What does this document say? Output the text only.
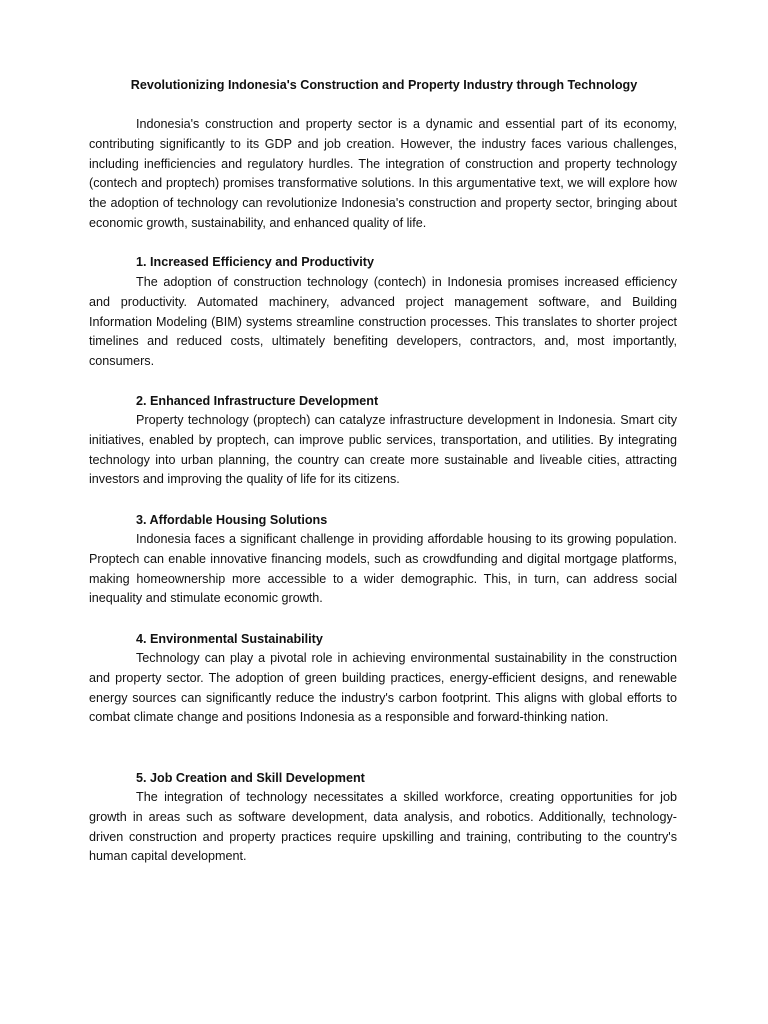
Revolutionizing Indonesia's Construction and Property Industry through Technology

Indonesia's construction and property sector is a dynamic and essential part of its economy, contributing significantly to its GDP and job creation. However, the industry faces various challenges, including inefficiencies and regulatory hurdles. The integration of construction and property technology (contech and proptech) promises transformative solutions. In this argumentative text, we will explore how the adoption of technology can revolutionize Indonesia's construction and property sector, bringing about economic growth, sustainability, and enhanced quality of life.

1. Increased Efficiency and Productivity

The adoption of construction technology (contech) in Indonesia promises increased efficiency and productivity. Automated machinery, advanced project management software, and Building Information Modeling (BIM) systems streamline construction processes. This translates to shorter project timelines and reduced costs, ultimately benefiting developers, contractors, and, most importantly, consumers.

2. Enhanced Infrastructure Development

Property technology (proptech) can catalyze infrastructure development in Indonesia. Smart city initiatives, enabled by proptech, can improve public services, transportation, and utilities. By integrating technology into urban planning, the country can create more sustainable and liveable cities, attracting investors and improving the quality of life for its citizens.

3. Affordable Housing Solutions

Indonesia faces a significant challenge in providing affordable housing to its growing population. Proptech can enable innovative financing models, such as crowdfunding and digital mortgage platforms, making homeownership more accessible to a wider demographic. This, in turn, can address social inequality and stimulate economic growth.

4. Environmental Sustainability

Technology can play a pivotal role in achieving environmental sustainability in the construction and property sector. The adoption of green building practices, energy-efficient designs, and renewable energy sources can significantly reduce the industry's carbon footprint. This aligns with global efforts to combat climate change and positions Indonesia as a responsible and forward-thinking nation.

5. Job Creation and Skill Development

The integration of technology necessitates a skilled workforce, creating opportunities for job growth in areas such as software development, data analysis, and robotics. Additionally, technology-driven construction and property practices require upskilling and training, contributing to the country's human capital development.
